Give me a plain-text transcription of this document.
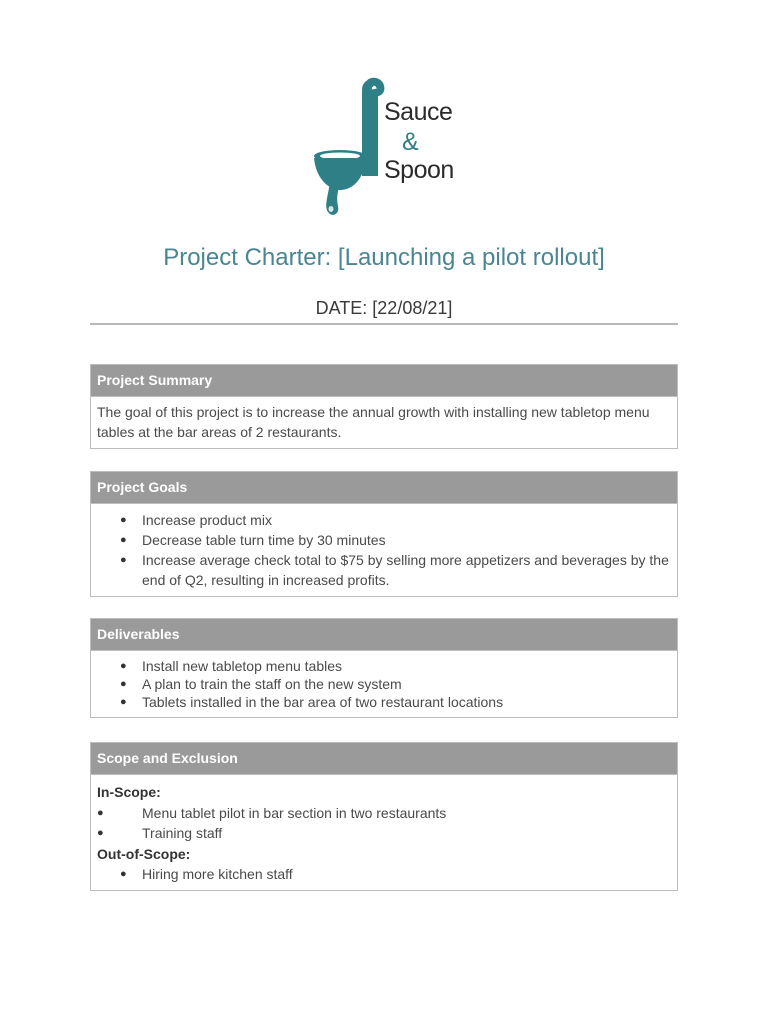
Sauce
&
Spoon
Project Charter: [Launching a pilot rollout]

DATE: [22/08/21]

Project Summary
The goal of this project is to increase the annual growth with installing new tabletop menu tables at the bar areas of 2 restaurants.
Project Goals
● Increase product mix
● Decrease table turn time by 30 minutes
● Increase average check total to $75 by selling more appetizers and beverages by the end of Q2, resulting in increased profits.
Deliverables
● Install new tabletop menu tables
● A plan to train the staff on the new system
● Tablets installed in the bar area of two restaurant locations
Scope and Exclusion
In-Scope:
● Menu tablet pilot in bar section in two restaurants
● Training staff
Out-of-Scope:
● Hiring more kitchen staff
